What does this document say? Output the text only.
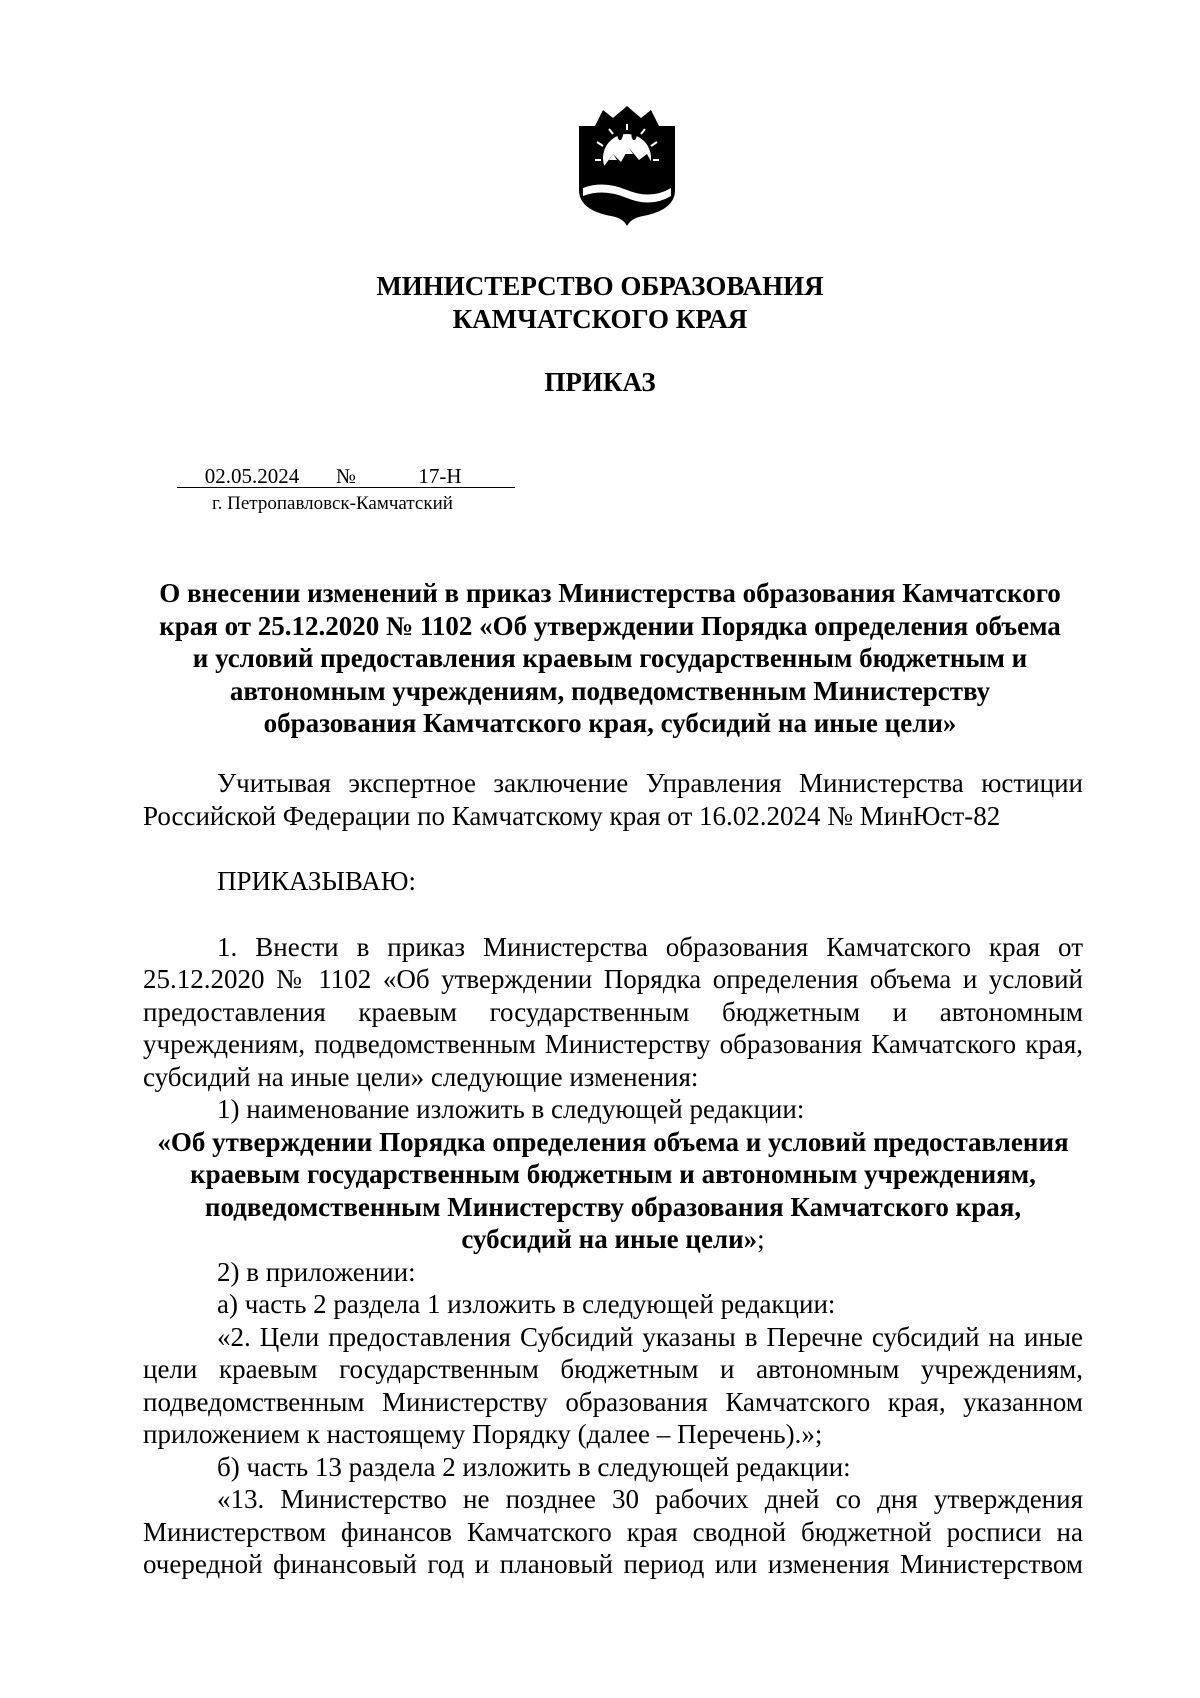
МИНИСТЕРСТВО ОБРАЗОВАНИЯ
КАМЧАТСКОГО КРАЯ
ПРИКАЗ
02.05.2024 №	17-Н
г. Петропавловск-Камчатский
О внесении изменений в приказ Министерства образования Камчатского
края от 25.12.2020 № 1102 «Об утверждении Порядка определения объема
и условий предоставления краевым государственным бюджетным и
автономным учреждениям, подведомственным Министерству
образования Камчатского края, субсидий на иные цели»

Учитывая экспертное заключение Управления Министерства юстиции

Российской Федерации по Камчатскому края от 16.02.2024 № МинЮст-82

ПРИКАЗЫВАЮ:

1. Внести в приказ Министерства образования Камчатского края от

25.12.2020 № 1102 «Об утверждении Порядка определения объема и условий

предоставления краевым государственным бюджетным и автономным

учреждениям, подведомственным Министерству образования Камчатского края,

субсидий на иные цели» следующие изменения:

1) наименование изложить в следующей редакции:

«Об утверждении Порядка определения объема и условий предоставления
краевым государственным бюджетным и автономным учреждениям,
подведомственным Министерству образования Камчатского края,
субсидий на иные цели»;

2) в приложении:

а) часть 2 раздела 1 изложить в следующей редакции:

«2. Цели предоставления Субсидий указаны в Перечне субсидий на иные

цели краевым государственным бюджетным и автономным учреждениям,

подведомственным Министерству образования Камчатского края, указанном

приложением к настоящему Порядку (далее – Перечень).»;

б) часть 13 раздела 2 изложить в следующей редакции:

«13. Министерство не позднее 30 рабочих дней со дня утверждения

Министерством финансов Камчатского края сводной бюджетной росписи на

очередной финансовый год и плановый период или изменения Министерством
